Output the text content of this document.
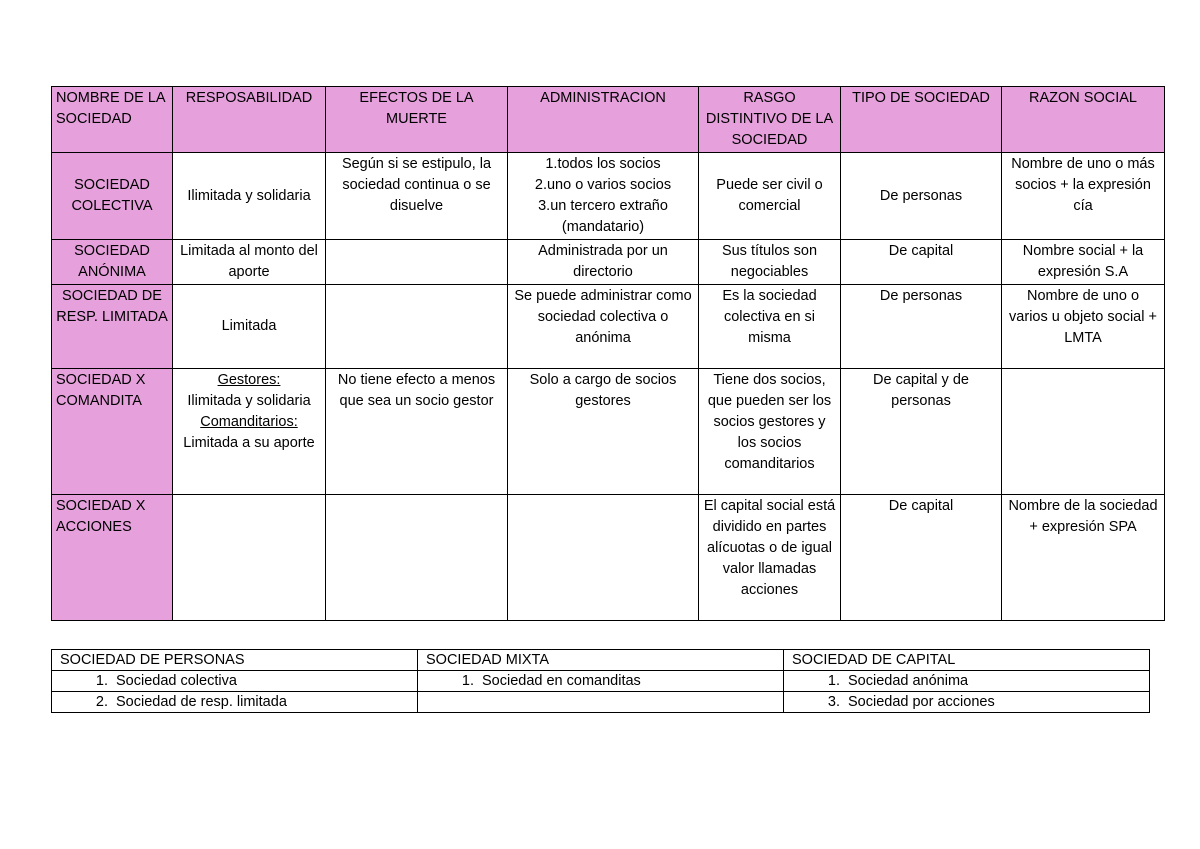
NOMBRE DE LA SOCIEDAD	RESPOSABILIDAD	EFECTOS DE LA MUERTE	ADMINISTRACION	RASGO DISTINTIVO DE LA SOCIEDAD	TIPO DE SOCIEDAD	RAZON SOCIAL
SOCIEDAD COLECTIVA	Ilimitada y solidaria	Según si se estipulo, la sociedad continua o se disuelve	1.todos los socios
2.uno o varios socios
3.un tercero extraño (mandatario)	Puede ser civil o comercial	De personas	Nombre de uno o más socios + la expresión cía
SOCIEDAD ANÓNIMA	Limitada al monto del aporte		Administrada por un directorio	Sus títulos son negociables	De capital	Nombre social + la expresión S.A
SOCIEDAD DE RESP. LIMITADA	Limitada		Se puede administrar como sociedad colectiva o anónima	Es la sociedad colectiva en si misma	De personas	Nombre de uno o varios u objeto social + LMTA
SOCIEDAD X COMANDITA	Gestores:
Ilimitada y solidaria
Comanditarios:
Limitada a su aporte	No tiene efecto a menos que sea un socio gestor	Solo a cargo de socios gestores	Tiene dos socios, que pueden ser los socios gestores y los socios comanditarios	De capital y de personas	
SOCIEDAD X ACCIONES				El capital social está dividido en partes alícuotas o de igual valor llamadas acciones	De capital	Nombre de la sociedad + expresión SPA
SOCIEDAD DE PERSONAS	SOCIEDAD MIXTA	SOCIEDAD DE CAPITAL
1. Sociedad colectiva	1. Sociedad en comanditas	1. Sociedad anónima
2. Sociedad de resp. limitada		3. Sociedad por acciones
